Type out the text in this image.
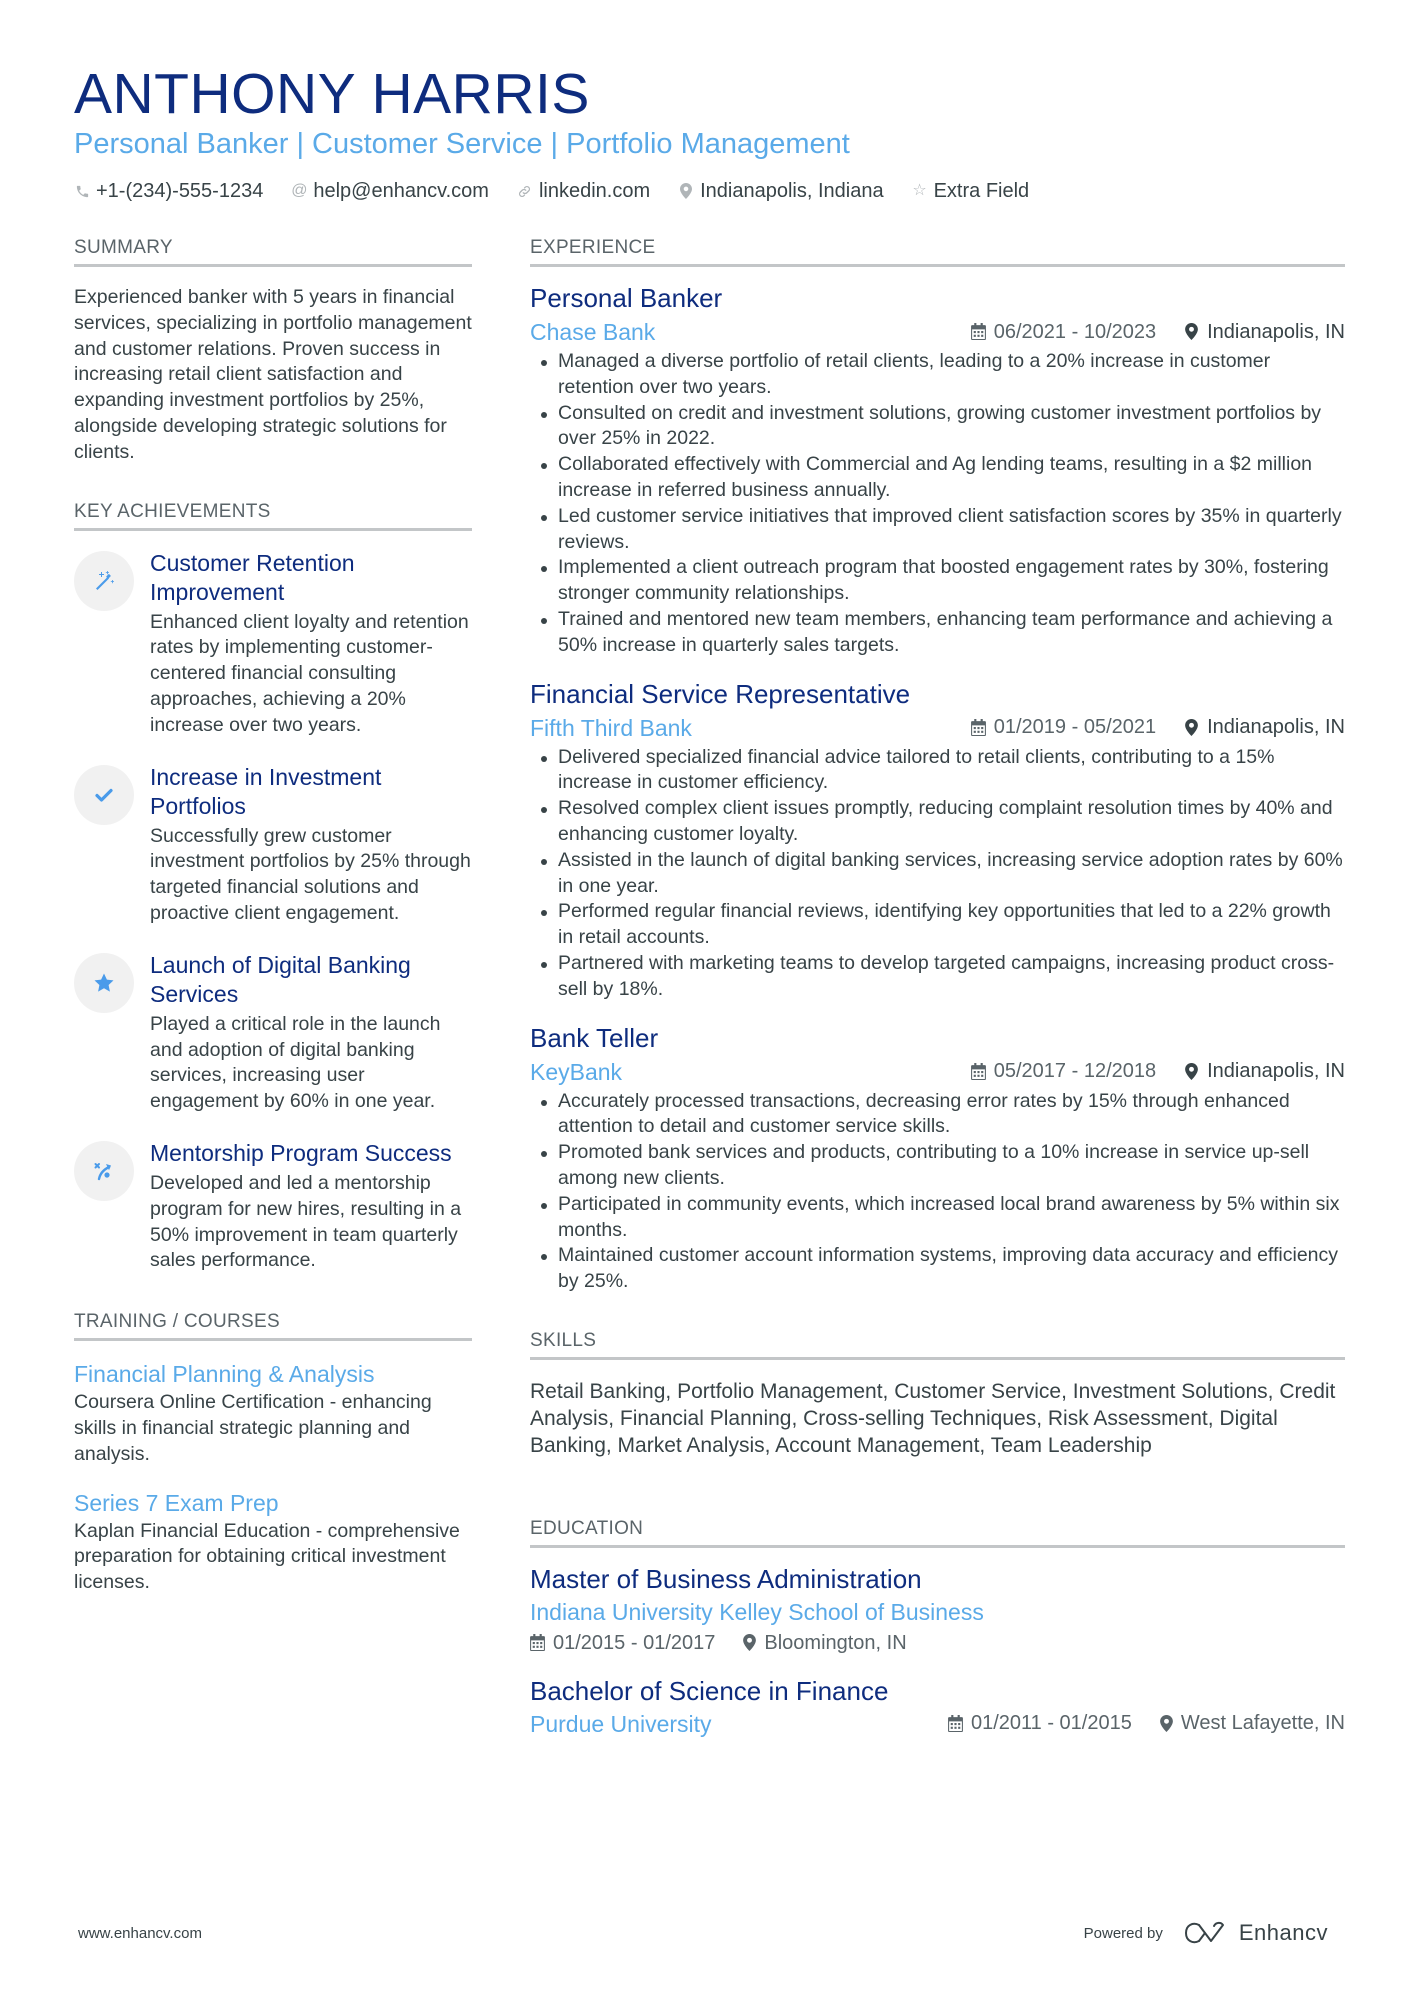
ANTHONY HARRIS
Personal Banker | Customer Service | Portfolio Management
+1-(234)-555-1234 @ help@enhancv.com	linkedin.com	Indianapolis, Indiana ☆ Extra Field
SUMMARY

Experienced banker with 5 years in financial services, specializing in portfolio management and customer relations. Proven success in increasing retail client satisfaction and expanding investment portfolios by 25%, alongside developing strategic solutions for clients.

KEY ACHIEVEMENTS
Customer Retention Improvement

Enhanced client loyalty and retention rates by implementing customer-centered financial consulting approaches, achieving a 20% increase over two years.

Increase in Investment Portfolios

Successfully grew customer investment portfolios by 25% through targeted financial solutions and proactive client engagement.

Launch of Digital Banking Services

Played a critical role in the launch and adoption of digital banking services, increasing user engagement by 60% in one year.

Mentorship Program Success

Developed and led a mentorship program for new hires, resulting in a 50% improvement in team quarterly sales performance.

TRAINING / COURSES
Financial Planning & Analysis

Coursera Online Certification - enhancing skills in financial strategic planning and analysis.

Series 7 Exam Prep

Kaplan Financial Education - comprehensive preparation for obtaining critical investment licenses.

EXPERIENCE
Personal Banker
Chase Bank	06/2021 - 10/2023	Indianapolis, IN
Managed a diverse portfolio of retail clients, leading to a 20% increase in customer retention over two years.
Consulted on credit and investment solutions, growing customer investment portfolios by over 25% in 2022.
Collaborated effectively with Commercial and Ag lending teams, resulting in a $2 million increase in referred business annually.
Led customer service initiatives that improved client satisfaction scores by 35% in quarterly reviews.
Implemented a client outreach program that boosted engagement rates by 30%, fostering stronger community relationships.
Trained and mentored new team members, enhancing team performance and achieving a 50% increase in quarterly sales targets.
Financial Service Representative
Fifth Third Bank	01/2019 - 05/2021	Indianapolis, IN
Delivered specialized financial advice tailored to retail clients, contributing to a 15% increase in customer efficiency.
Resolved complex client issues promptly, reducing complaint resolution times by 40% and enhancing customer loyalty.
Assisted in the launch of digital banking services, increasing service adoption rates by 60% in one year.
Performed regular financial reviews, identifying key opportunities that led to a 22% growth in retail accounts.
Partnered with marketing teams to develop targeted campaigns, increasing product cross-sell by 18%.
Bank Teller
KeyBank	05/2017 - 12/2018	Indianapolis, IN
Accurately processed transactions, decreasing error rates by 15% through enhanced attention to detail and customer service skills.
Promoted bank services and products, contributing to a 10% increase in service up-sell among new clients.
Participated in community events, which increased local brand awareness by 5% within six months.
Maintained customer account information systems, improving data accuracy and efficiency by 25%.
SKILLS

Retail Banking, Portfolio Management, Customer Service, Investment Solutions, Credit Analysis, Financial Planning, Cross-selling Techniques, Risk Assessment, Digital Banking, Market Analysis, Account Management, Team Leadership

EDUCATION
Master of Business Administration
Indiana University Kelley School of Business
01/2015 - 01/2017 Bloomington, IN
Bachelor of Science in Finance
Purdue University	01/2011 - 01/2015 West Lafayette, IN
www.enhancv.com	Powered by	Enhancv
